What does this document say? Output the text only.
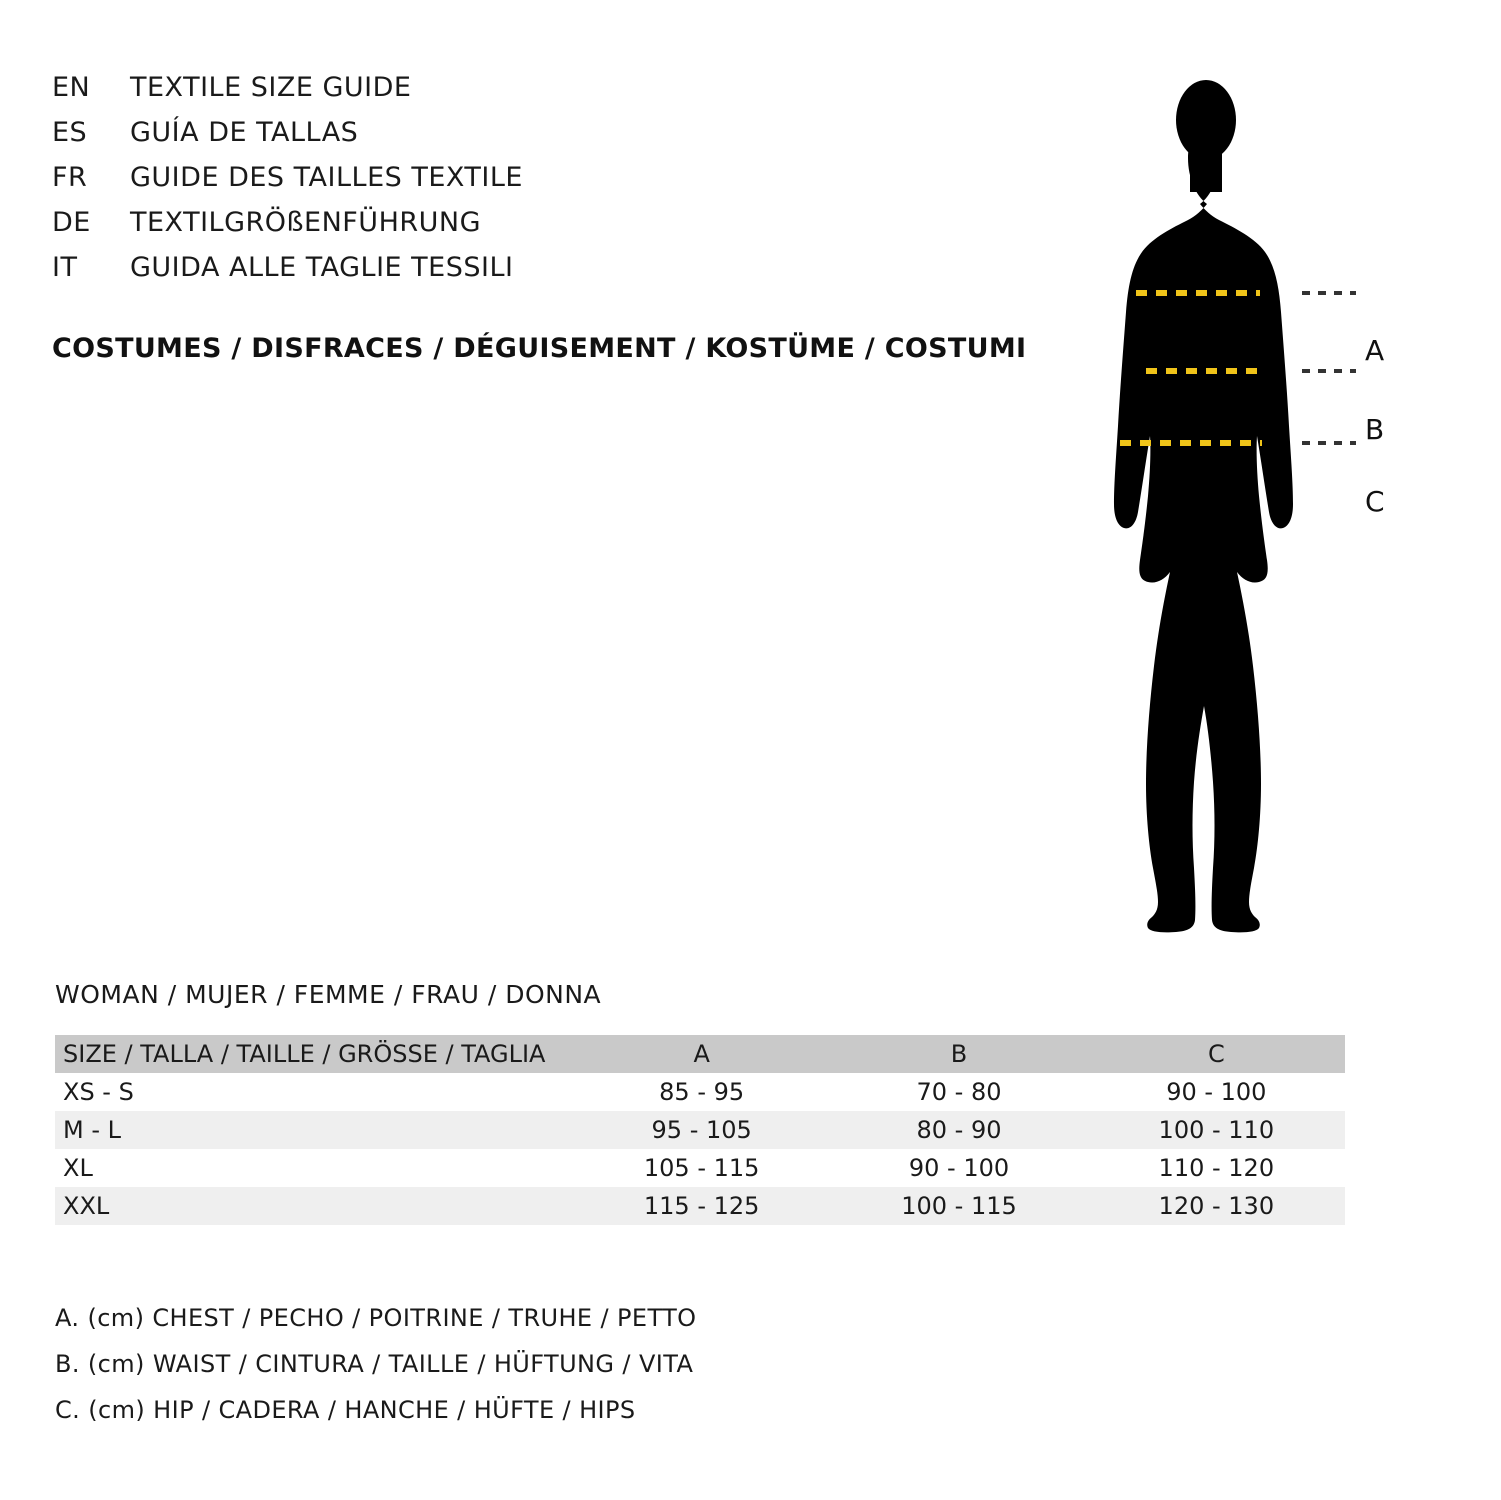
EN	TEXTILE SIZE GUIDE
ES	GUÍA DE TALLAS
FR	GUIDE DES TAILLES TEXTILE
DE	TEXTILGRÖßENFÜHRUNG
IT	GUIDA ALLE TAGLIE TESSILI
COSTUMES / DISFRACES / DÉGUISEMENT / KOSTÜME / COSTUMI	A
B
C
WOMAN / MUJER / FEMME / FRAU / DONNA
SIZE / TALLA / TAILLE / GRÖSSE / TAGLIA	A	B	C
XS - S	85 - 95	70 - 80	90 - 100
M - L	95 - 105	80 - 90	100 - 110
XL	105 - 115	90 - 100	110 - 120
XXL	115 - 125	100 - 115	120 - 130
A. (cm) CHEST / PECHO / POITRINE / TRUHE / PETTO
B. (cm) WAIST / CINTURA / TAILLE / HÜFTUNG / VITA
C. (cm) HIP / CADERA / HANCHE / HÜFTE / HIPS
